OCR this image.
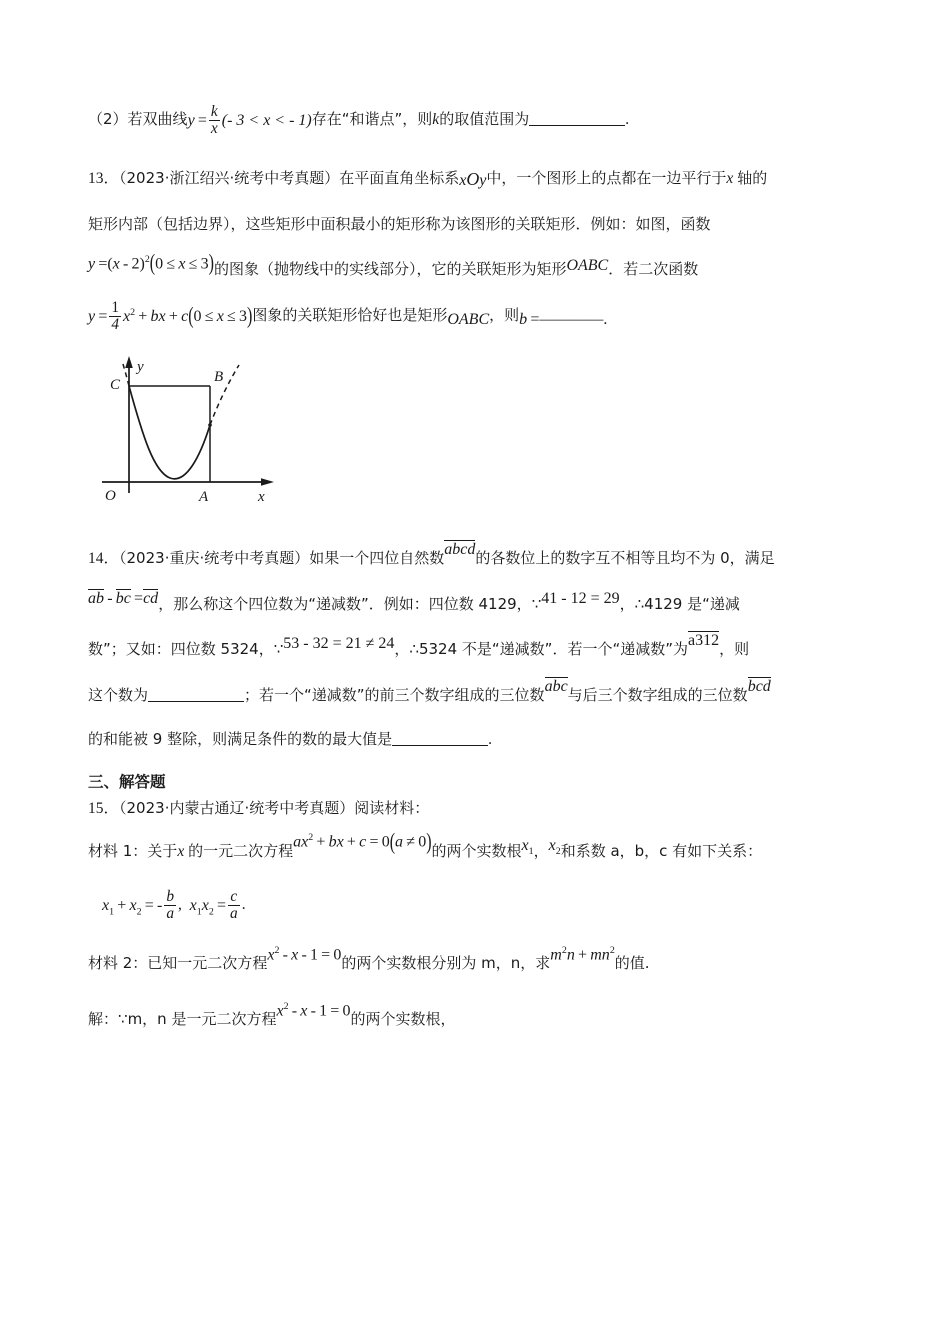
（2）若双曲线$y = \frac{k}{x}$ (- 3 < x < - 1)存在“和谐点”，则k的取值范围为	.
13．（2023·浙江绍兴·统考中考真题）在平面直角坐标系xOy中，一个图形上的点都在一边平行于x 轴的
矩形内部（包括边界），这些矩形中面积最小的矩形称为该图形的关联矩形．例如：如图，函数
y  =(x  -  2)$^2$(0 ≤ x ≤ 3)的图象（抛物线中的实线部分），它的关联矩形为矩形OABC．若二次函数
$y = \frac{1}{4} x^2$  +  bx  +  c(0 ≤ x ≤ 3)图象的关联矩形恰好也是矩形OABC，则b  =————.
y
x
O	A
B
C
14．（2023·重庆·统考中考真题）如果一个四位自然数abcd的各数位上的数字互不相等且均不为 0，满足
ab  -  bc  =cd，那么称这个四位数为“递减数”．例如：四位数 4129，∵41 - 12 = 29，∴4129 是“递减
数”；又如：四位数 5324，∵53 - 32 = 21 ≠ 24，∴5324 不是“递减数”．若一个“递减数”为a312，则
这个数为	；若一个“递减数”的前三个数字组成的三位数abc与后三个数字组成的三位数bcd
的和能被 9 整除，则满足条件的数的最大值是	.
三、解答题
15．（2023·内蒙古通辽·统考中考真题）阅读材料：
材料 1：关于x 的一元二次方程$ax^2$  +  bx  +  c  =  0(a  ≠  0)的两个实数根$x_1$，$x_2$和系数 a，b，c 有如下关系：
$x_1 + x_2$  =  - $\frac{b}{a}$ , $x_1x_2 = \frac{c}{a}$ .
材料 2：已知一元二次方程$x^2 - x - 1 = 0$的两个实数根分别为 m，n，求$m^2n + mn^2$的值.
解：∵m，n 是一元二次方程$x^2 - x - 1 = 0$的两个实数根，
